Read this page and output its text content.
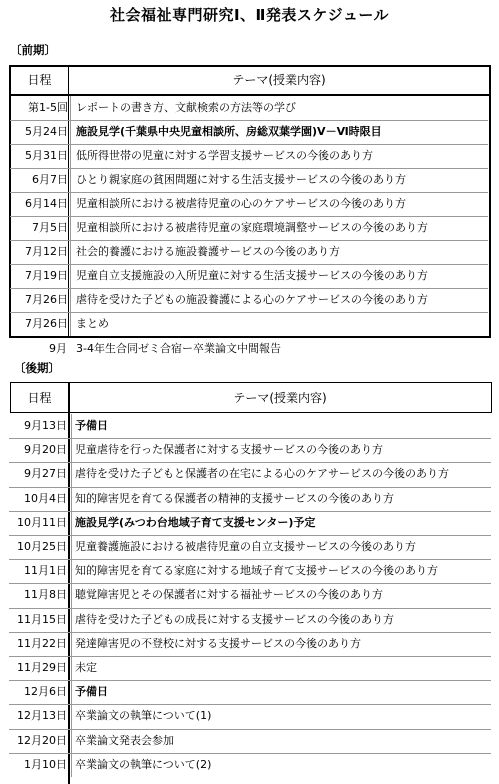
社会福祉専門研究Ⅰ、Ⅱ発表スケジュール
〔前期〕
日程	テーマ(授業内容)
第1-5回 レポートの書き方、文献検索の方法等の学び
5月24日 施設見学(千葉県中央児童相談所、房総双葉学園)Ⅴ－Ⅵ時限目
5月31日 低所得世帯の児童に対する学習支援サービスの今後のあり方
6月7日 ひとり親家庭の貧困問題に対する生活支援サービスの今後のあり方
6月14日 児童相談所における被虐待児童の心のケアサービスの今後のあり方
7月5日 児童相談所における被虐待児童の家庭環境調整サービスの今後のあり方
7月12日 社会的養護における施設養護サービスの今後のあり方
7月19日 児童自立支援施設の入所児童に対する生活支援サービスの今後のあり方
7月26日 虐待を受けた子どもの施設養護による心のケアサービスの今後のあり方
7月26日 まとめ
9月 3-4年生合同ゼミ合宿ー卒業論文中間報告
〔後期〕
日程	テーマ(授業内容)
9月13日 予備日
9月20日 児童虐待を行った保護者に対する支援サービスの今後のあり方
9月27日 虐待を受けた子どもと保護者の在宅による心のケアサービスの今後のあり方
10月4日 知的障害児を育てる保護者の精神的支援サービスの今後のあり方
10月11日 施設見学(みつわ台地域子育て支援センター)予定
10月25日 児童養護施設における被虐待児童の自立支援サービスの今後のあり方
11月1日 知的障害児を育てる家庭に対する地域子育て支援サービスの今後のあり方
11月8日 聴覚障害児とその保護者に対する福祉サービスの今後のあり方
11月15日 虐待を受けた子どもの成長に対する支援サービスの今後のあり方
11月22日 発達障害児の不登校に対する支援サービスの今後のあり方
11月29日 未定
12月6日 予備日
12月13日 卒業論文の執筆について(1)
12月20日 卒業論文発表会参加
1月10日 卒業論文の執筆について(2)
